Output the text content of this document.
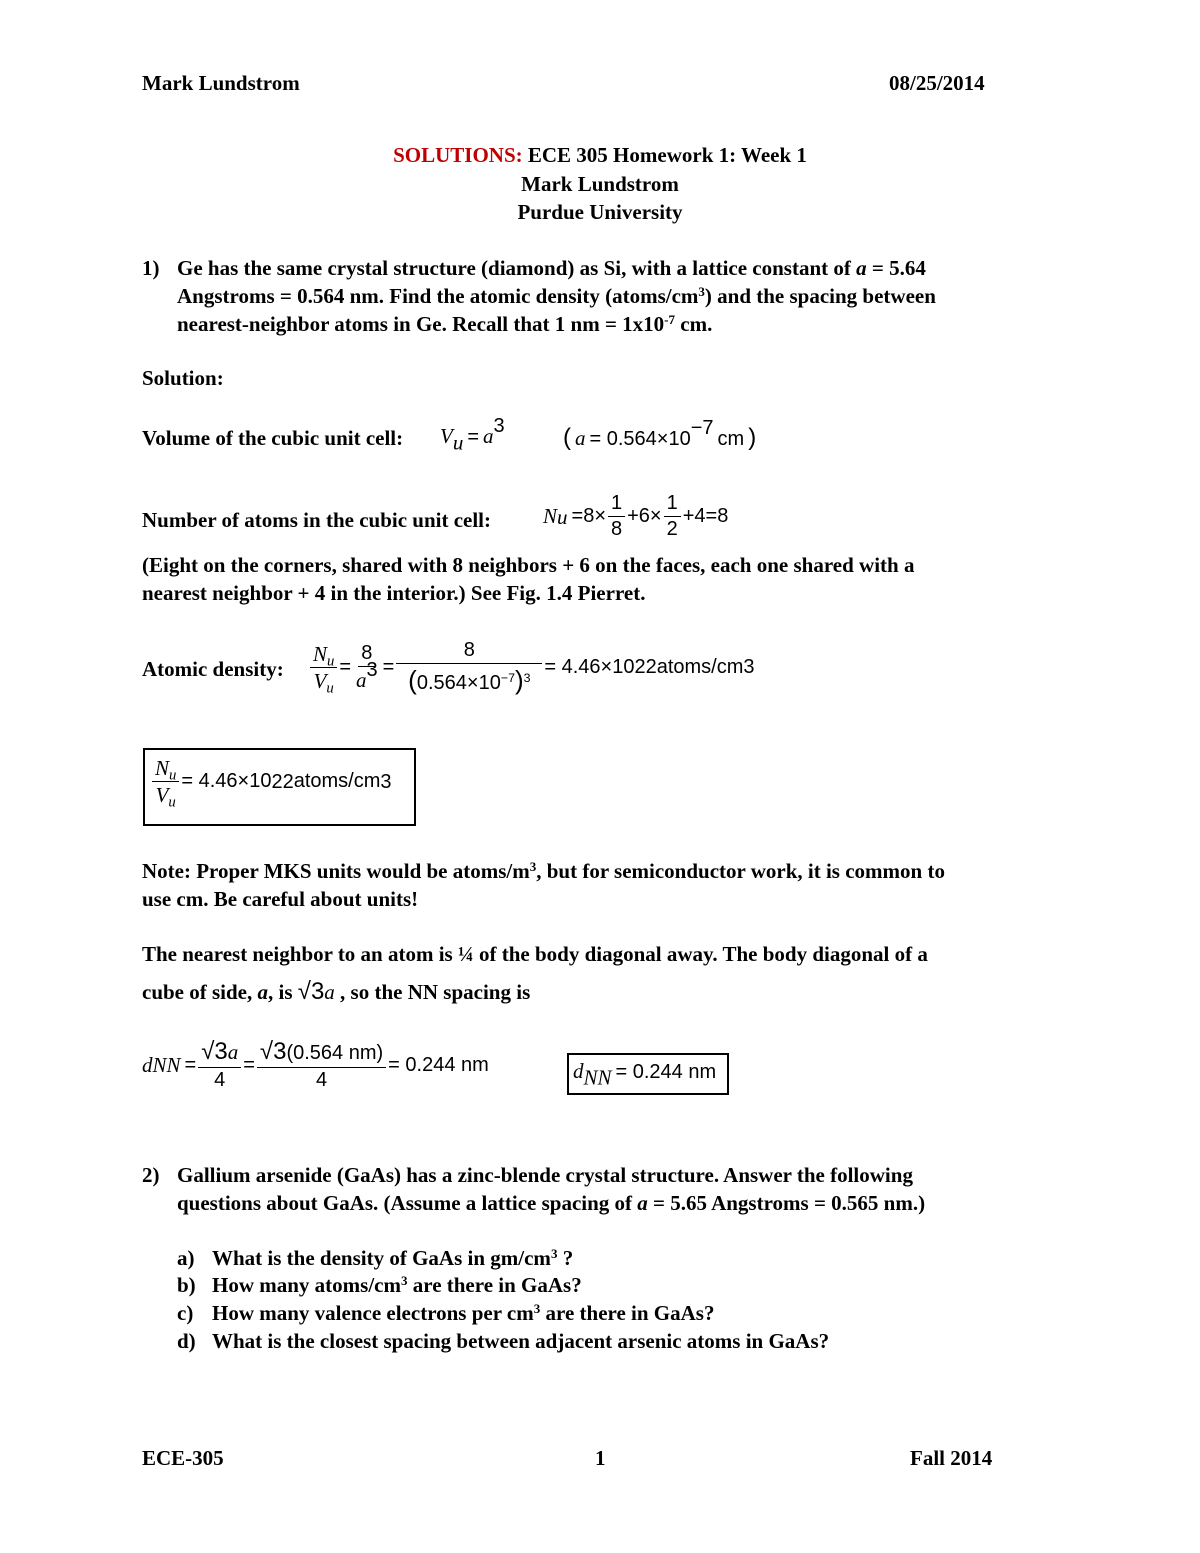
Mark Lundstrom	08/25/2014
SOLUTIONS: ECE 305 Homework 1: Week 1
Mark Lundstrom
Purdue University
1) Ge has the same crystal structure (diamond) as Si, with a lattice constant of a = 5.64
Angstroms = 0.564 nm. Find the atomic density $(atoms/cm^3)$ and the spacing between
nearest-neighbor atoms in Ge. Recall that 1 nm = $1x10^{-7}$ cm.
Solution:
Volume of the cubic unit cell: $V_u = a^3$ ( $a = 0.564\times 10^{-7}$ cm )
Number of atoms in the cubic unit cell: N $u =8\times \frac{1}{8} +6\times \frac{1}{2} +4=8$
(Eight on the corners, shared with 8 neighbors + 6 on the faces, each one shared with a
nearest neighbor + 4 in the interior.) See Fig. 1.4 Pierret.
Atomic density: $\frac{N_u}{V_u} = \frac{8}{a^3} = \frac{8}{(0.564\times 10^{-7})^3} = 4.46\times 10$ 22 atoms/cm 3
$\frac{N_u}{V_u} = 4.46\times 10$ 22 atoms/cm 3
Note: Proper MKS units would be atoms/$m^3$, but for semiconductor work, it is common to
use cm. Be careful about units!
The nearest neighbor to an atom is ¼ of the body diagonal away. The body diagonal of a
cube of side, a, is √3a , so the NN spacing is
d NN = $\frac{√3a}{4} = \frac{√3(0.564 nm)}{4} = 0.244$ nm	$d_{NN} = 0.244$ nm
2) Gallium arsenide (GaAs) has a zinc-blende crystal structure. Answer the following
questions about GaAs. (Assume a lattice spacing of a = 5.65 Angstroms = 0.565 nm.)
a) What is the density of GaAs in $gm/cm^3$ ?
b) How many atoms/$cm^3$ are there in GaAs?
c) How many valence electrons per $cm^3$ are there in GaAs?
d) What is the closest spacing between adjacent arsenic atoms in GaAs?
ECE-305	1	Fall 2014
